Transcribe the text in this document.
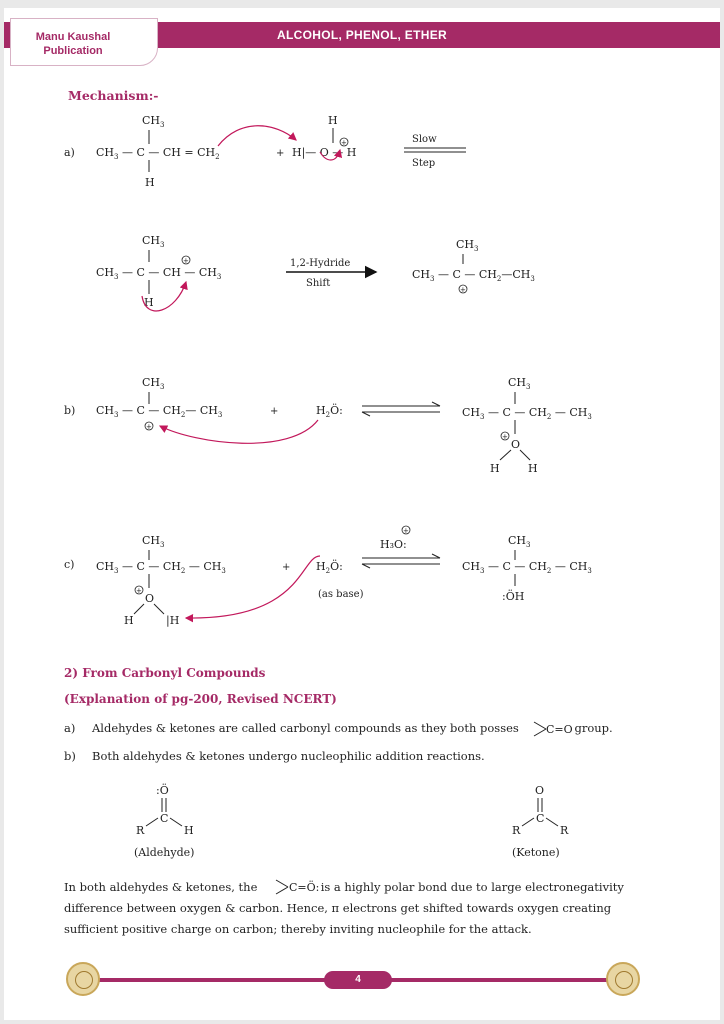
ALCOHOL, PHENOL, ETHER
Manu Kaushal
Publication
Mechanism:-
a) $CH_3$ — C — CH = $CH_2$
$CH_3$
H
+ H|— O — H
H
+	Slow
Step
$CH_3$
$CH_3$ — C — CH — $CH_3$
+
H
1,2-Hydride
Shift
$CH_3$
$CH_3$ — C — $CH_2—CH_3$
+
b)
$CH_3$
$CH_3$ — C — $CH_2—$ $CH_3$
+
+	$H_2Ö$:
$CH_3$
$CH_3$ — C — $CH_2$ — $CH_3$
+
O
H	H
c)
$CH_3$
$CH_3$ — C — $CH_2$ — $CH_3$
+
O
H	|H
+ $H_2Ö$:
+
H₃O:
(as base)
$CH_3$
$CH_3$ — C — $CH_2$ — $CH_3$
:ÖH
C=O
:Ö
C
R	H
(Aldehyde)
O
C
R	R
(Ketone)
C=Ö:
2) From Carbonyl Compounds
(Explanation of pg-200, Revised NCERT)
a) Aldehydes & ketones are called carbonyl compounds as they both posses	group.
b) Both aldehydes & ketones undergo nucleophilic addition reactions.
In both aldehydes & ketones, the	is a highly polar bond due to large electronegativity difference between oxygen & carbon. Hence, π electrons get shifted towards oxygen creating sufficient positive charge on carbon; thereby inviting nucleophile for the attack.
4
